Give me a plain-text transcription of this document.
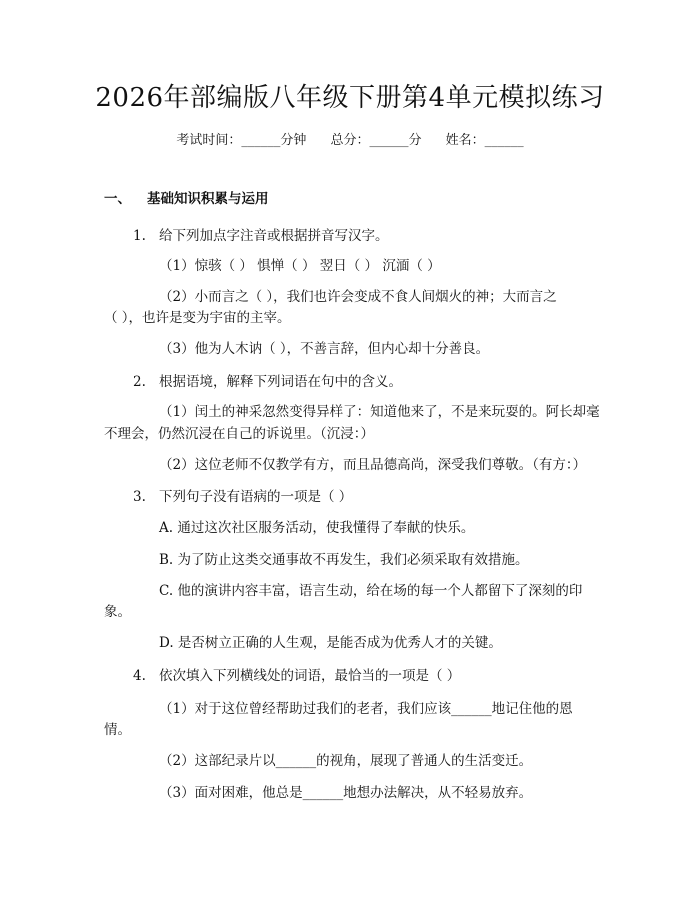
2026年部编版八年级下册第4单元模拟练习
考试时间：______分钟 总分：______分 姓名：______
一、 基础知识积累与运用
1. 给下列加点字注音或根据拼音写汉字。
（1）惊骇（ ） 惧惮（ ） 翌日（ ） 沉湎（ ）
（2）小而言之（ ），我们也许会变成不食人间烟火的神；大而言之
（ ），也许是变为宇宙的主宰。
（3）他为人木讷（ ），不善言辞，但内心却十分善良。
2. 根据语境，解释下列词语在句中的含义。
（1）闰土的神采忽然变得异样了：知道他来了，不是来玩耍的。阿长却毫
不理会，仍然沉浸在自己的诉说里。（沉浸：）
（2）这位老师不仅教学有方，而且品德高尚，深受我们尊敬。（有方：）
3. 下列句子没有语病的一项是（ ）
A. 通过这次社区服务活动，使我懂得了奉献的快乐。
B. 为了防止这类交通事故不再发生，我们必须采取有效措施。
C. 他的演讲内容丰富，语言生动，给在场的每一个人都留下了深刻的印
象。
D. 是否树立正确的人生观，是能否成为优秀人才的关键。
4. 依次填入下列横线处的词语，最恰当的一项是（ ）
（1）对于这位曾经帮助过我们的老者，我们应该______地记住他的恩
情。
（2）这部纪录片以______的视角，展现了普通人的生活变迁。
（3）面对困难，他总是______地想办法解决，从不轻易放弃。
